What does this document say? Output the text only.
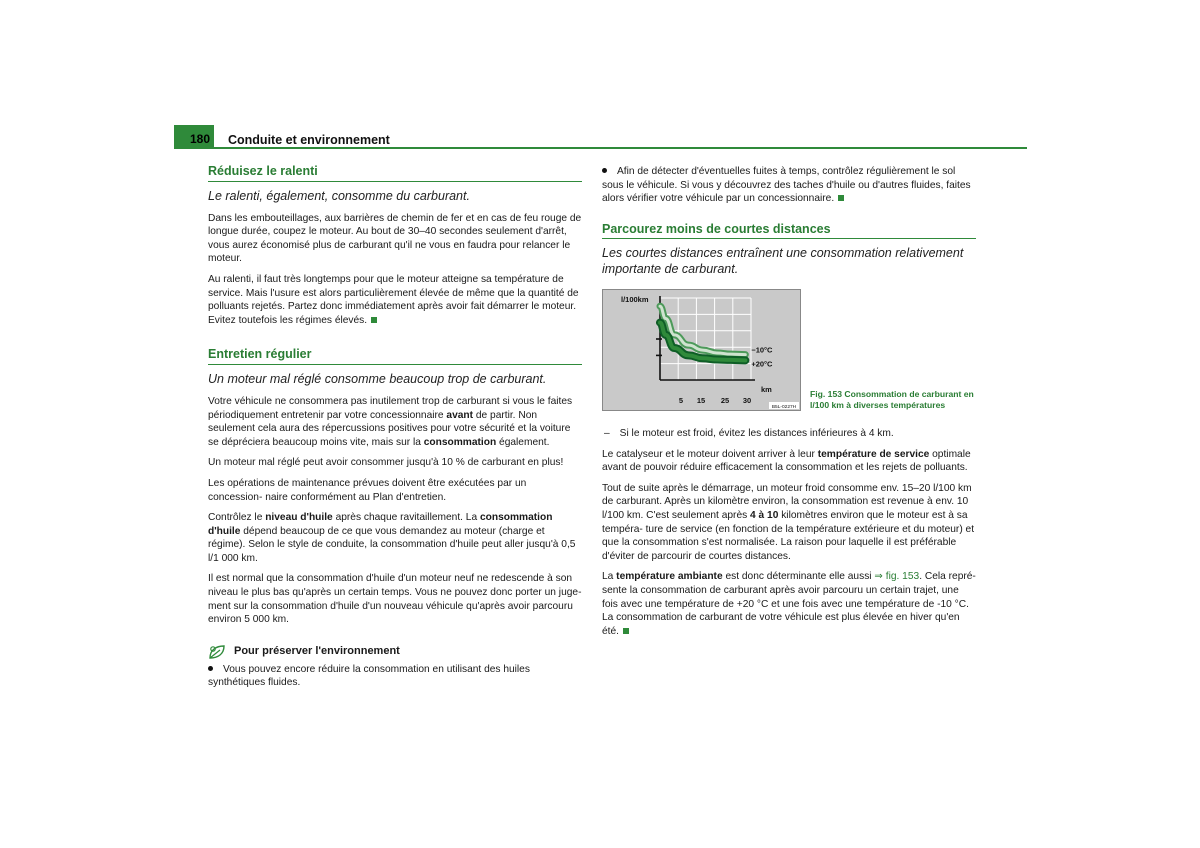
180	Conduite et environnement
Réduisez le ralenti

Le ralenti, également, consomme du carburant.

Dans les embouteillages, aux barrières de chemin de fer et en cas de feu rouge de longue durée, coupez le moteur. Au bout de 30–40 secondes seulement d'arrêt, vous aurez économisé plus de carburant qu'il ne vous en faudra pour relancer le moteur.

Au ralenti, il faut très longtemps pour que le moteur atteigne sa température de service. Mais l'usure est alors particulièrement élevée de même que la quantité de polluants rejetés. Partez donc immédiatement après avoir fait démarrer le moteur. Evitez toutefois les régimes élevés.

Entretien régulier

Un moteur mal réglé consomme beaucoup trop de carburant.

Votre véhicule ne consommera pas inutilement trop de carburant si vous le faites périodiquement entretenir par votre concessionnaire avant de partir. Non seulement cela aura des répercussions positives pour votre sécurité et la voiture se dépréciera beaucoup moins vite, mais sur la consommation également.

Un moteur mal réglé peut avoir consommer jusqu'à 10 % de carburant en plus!

Les opérations de maintenance prévues doivent être exécutées par un concession- naire conformément au Plan d'entretien.

Contrôlez le niveau d'huile après chaque ravitaillement. La consommation d'huile dépend beaucoup de ce que vous demandez au moteur (charge et régime). Selon le style de conduite, la consommation d'huile peut aller jusqu'à 0,5 l/1 000 km.

Il est normal que la consommation d'huile d'un moteur neuf ne redescende à son niveau le plus bas qu'après un certain temps. Vous ne pouvez donc porter un juge- ment sur la consommation d'huile d'un nouveau véhicule qu'après avoir parcouru environ 5 000 km.

Pour préserver l'environnement

Vous pouvez encore réduire la consommation en utilisant des huiles synthétiques fluides.

Afin de détecter d'éventuelles fuites à temps, contrôlez régulièrement le sol sous le véhicule. Si vous y découvrez des taches d'huile ou d'autres fluides, faites alors vérifier votre véhicule par un concessionnaire.

Parcourez moins de courtes distances

Les courtes distances entraînent une consommation relativement importante de carburant.

−10°C
+20°C
l/100km
km
5 15 25 30
B5L-0227H
Fig. 153 Consommation de carburant en l/100 km à diverses températures

– Si le moteur est froid, évitez les distances inférieures à 4 km.

Le catalyseur et le moteur doivent arriver à leur température de service optimale avant de pouvoir réduire efficacement la consommation et les rejets de polluants.

Tout de suite après le démarrage, un moteur froid consomme env. 15–20 l/100 km de carburant. Après un kilomètre environ, la consommation est revenue à env. 10 l/100 km. C'est seulement après 4 à 10 kilomètres environ que le moteur est à sa tempéra- ture de service (en fonction de la température extérieure et du moteur) et que la consommation s'est normalisée. La raison pour laquelle il est préférable d'éviter de parcourir de courtes distances.

La température ambiante est donc déterminante elle aussi ⇒ fig. 153. Cela repré- sente la consommation de carburant après avoir parcouru un certain trajet, une fois avec une température de +20 °C et une fois avec une température de -10 °C. La consommation de carburant de votre véhicule est plus élevée en hiver qu'en été.
